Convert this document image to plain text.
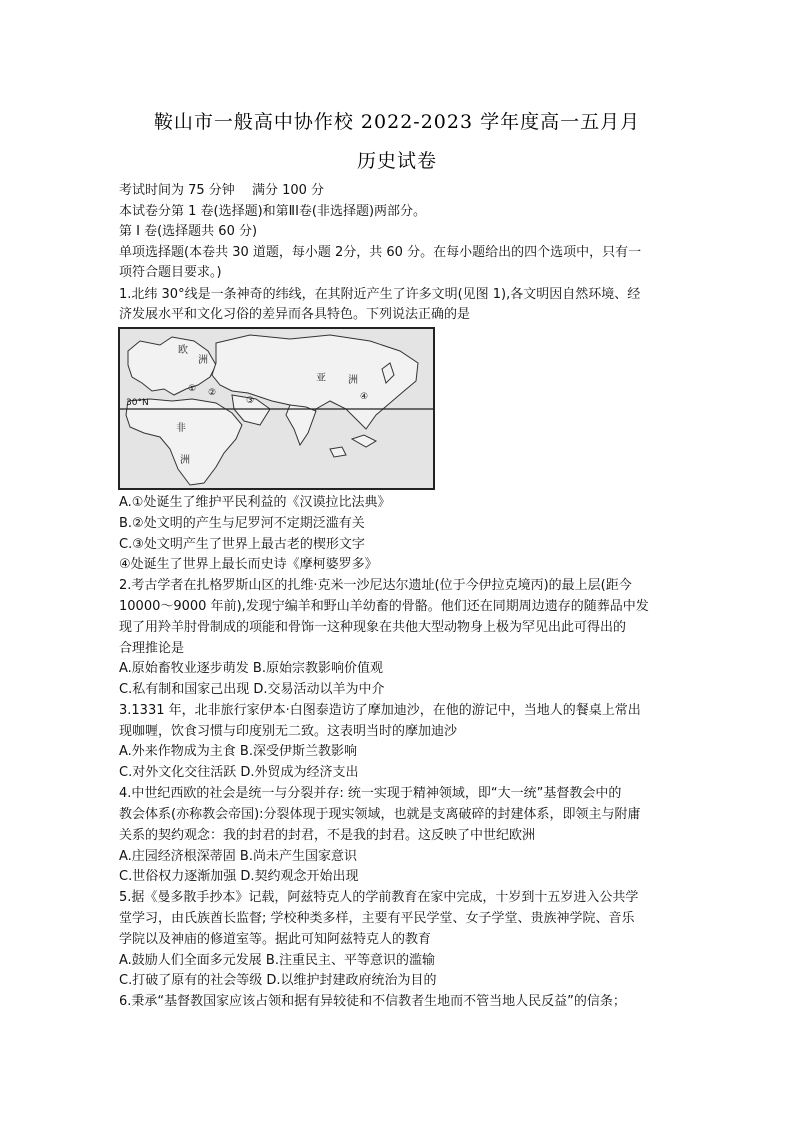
鞍山市一般高中协作校 2022-2023 学年度高一五月月
历史试卷
考试时间为 75 分钟　 满分 100 分
本试卷分第 1 卷(选择题)和第ⅡI卷(非选择题)两部分。
第 I 卷(选择题共 60 分)
单项选择题(本卷共 30 道题，每小题 2分，共 60 分。在每小题给出的四个选项中，只有一
项符合题目要求。)
1.北纬 30°线是一条神奇的纬线，在其附近产生了许多文明(见图 1),各文明因自然环境、经
济发展水平和文化习俗的差异而各具特色。下列说法正确的是
欧
洲
亚 洲
非
洲
30°N
① ②
③	④
A.①处诞生了维护平民利益的《汉谟拉比法典》
B.②处文明的产生与尼罗河不定期泛滥有关
C.③处文明产生了世界上最古老的楔形文字
④处诞生了世界上最长而史诗《摩柯婆罗多》
2.考古学者在扎格罗斯山区的扎维·克米一沙尼达尔遗址(位于今伊拉克境丙)的最上层(距今
10000～9000 年前),发现宁编羊和野山羊幼畜的骨骼。他们还在同期周边遗存的随葬品中发
现了用羚羊肘骨制成的项能和骨饰一这种现象在共他大型动物身上极为罕见出此可得出的
合理推论是
A.原始畜牧业逐步萌发 B.原始宗教影响价值观
C.私有制和国家己出现 D.交易活动以羊为中介
3.1331 年，北非旅行家伊本·白图泰造访了摩加迪沙，在他的游记中，当地人的餐桌上常出
现咖喱，饮食习惯与印度别无二致。这表明当时的摩加迪沙
A.外来作物成为主食 B.深受伊斯兰教影响
C.对外文化交往活跃 D.外贸成为经济支出
4.中世纪西欧的社会是统一与分裂并存: 统一实现于精神领域，即“大一统”基督教会中的
教会体系(亦称教会帝国):分裂体现于现实领域，也就是支离破碎的封建体系，即领主与附庸
关系的契约观念：我的封君的封君，不是我的封君。这反映了中世纪欧洲
A.庄园经济根深蒂固 B.尚未产生国家意识
C.世俗权力逐渐加强 D.契约观念开始出现
5.据《曼多散手抄本》记载，阿兹特克人的学前教育在家中完成，十岁到十五岁进入公共学
堂学习，由氏族酋长监督; 学校种类多样，主要有平民学堂、女子学堂、贵族神学院、音乐
学院以及神庙的修道室等。据此可知阿兹特克人的教育
A.鼓励人们全面多元发展 B.注重民主、平等意识的滥输
C.打破了原有的社会等级 D.以维护封建政府统治为目的
6.秉承“基督教国家应该占领和据有异较徒和不信教者生地而不管当地人民反益”的信条；
